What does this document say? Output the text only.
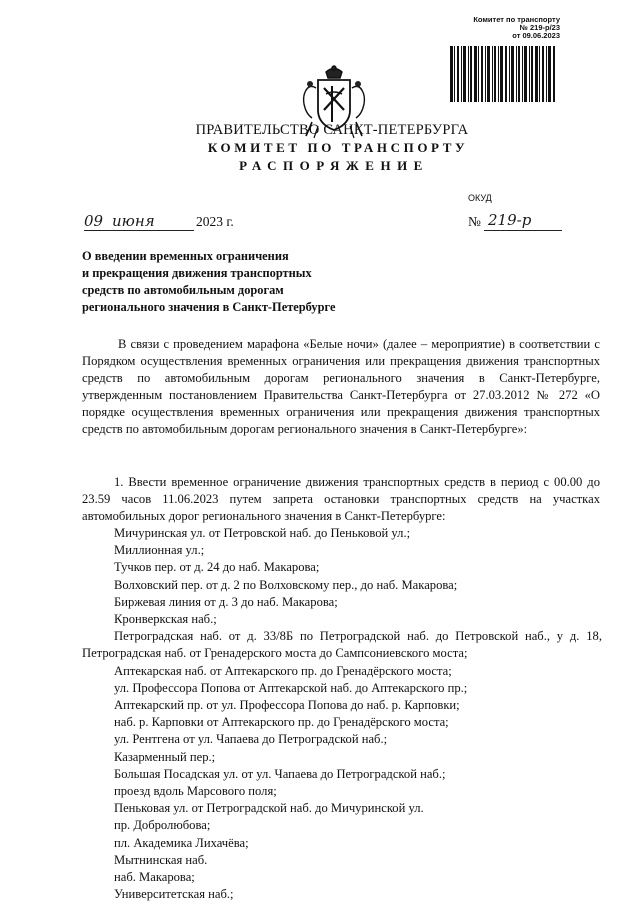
Комитет по транспорту
№ 219-р/23
от 09.06.2023
ПРАВИТЕЛЬСТВО САНКТ-ПЕТЕРБУРГА
КОМИТЕТ ПО ТРАНСПОРТУ
РАСПОРЯЖЕНИЕ
ОКУД
09 июня	2023 г.	№ 219-р
О введении временных ограничения
и прекращения движения транспортных
средств по автомобильным дорогам
регионального значения в Санкт-Петербурге
В связи с проведением марафона «Белые ночи» (далее – мероприятие) в соответствии с Порядком осуществления временных ограничения или прекращения движения транспортных средств по автомобильным дорогам регионального значения в Санкт-Петербурге, утвержденным постановлением Правительства Санкт-Петербурга от 27.03.2012 № 272 «О порядке осуществления временных ограничения или прекращения движения транспортных средств по автомобильным дорогам регионального значения в Санкт-Петербурге»:
1. Ввести временное ограничение движения транспортных средств в период с 00.00 до 23.59 часов 11.06.2023 путем запрета остановки транспортных средств на участках автомобильных дорог регионального значения в Санкт-Петербурге:
Мичуринская ул. от Петровской наб. до Пеньковой ул.;
Миллионная ул.;
Тучков пер. от д. 24 до наб. Макарова;
Волховский пер. от д. 2 по Волховскому пер., до наб. Макарова;
Биржевая линия от д. 3 до наб. Макарова;
Кронверкская наб.;
Петроградская наб. от д. 33/8Б по Петроградской наб. до Петровской наб., у д. 18, Петроградская наб. от Гренадерского моста до Сампсониевского моста;
Аптекарская наб. от Аптекарского пр. до Гренадёрского моста;
ул. Профессора Попова от Аптекарской наб. до Аптекарского пр.;
Аптекарский пр. от ул. Профессора Попова до наб. р. Карповки;
наб. р. Карповки от Аптекарского пр. до Гренадёрского моста;
ул. Рентгена от ул. Чапаева до Петроградской наб.;
Казарменный пер.;
Большая Посадская ул. от ул. Чапаева до Петроградской наб.;
проезд вдоль Марсового поля;
Пеньковая ул. от Петроградской наб. до Мичуринской ул.
пр. Добролюбова;
пл. Академика Лихачёва;
Мытнинская наб.
наб. Макарова;
Университетская наб.;
